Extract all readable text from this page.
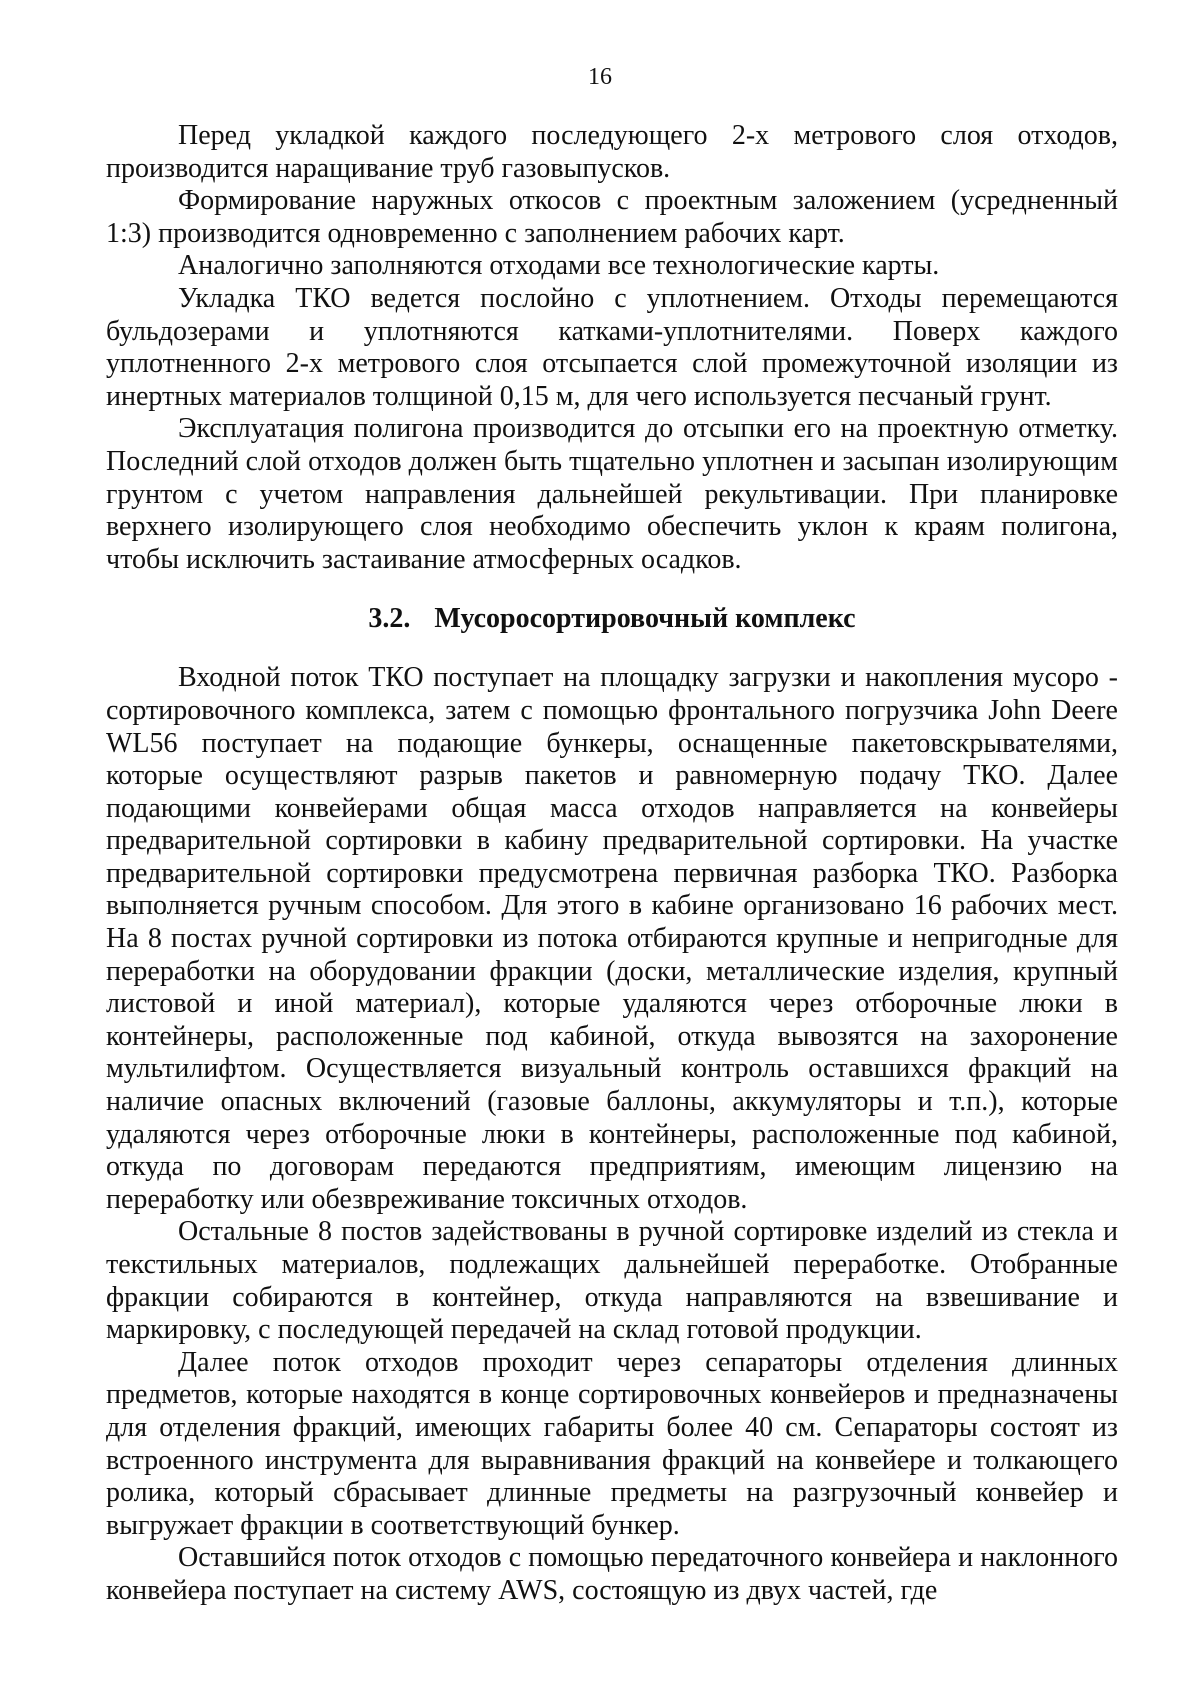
16

Перед укладкой каждого последующего 2-х метрового слоя отходов, производится наращивание труб газовыпусков.

Формирование наружных откосов с проектным заложением (усредненный 1:3) производится одновременно с заполнением рабочих карт.

Аналогично заполняются отходами все технологические карты.

Укладка ТКО ведется послойно с уплотнением. Отходы перемещаются бульдозерами и уплотняются катками-уплотнителями. Поверх каждого уплотненного 2-х метрового слоя отсыпается слой промежуточной изоляции из инертных материалов толщиной 0,15 м, для чего используется песчаный грунт.

Эксплуатация полигона производится до отсыпки его на проектную отметку. Последний слой отходов должен быть тщательно уплотнен и засыпан изолирующим грунтом с учетом направления дальнейшей рекультивации. При планировке верхнего изолирующего слоя необходимо обеспечить уклон к краям полигона, чтобы исключить застаивание атмосферных осадков.

3.2. Мусоросортировочный комплекс

Входной поток ТКО поступает на площадку загрузки и накопления мусоро - сортировочного комплекса, затем с помощью фронтального погрузчика John Deere WL56 поступает на подающие бункеры, оснащенные пакетовскрывателями, которые осуществляют разрыв пакетов и равномерную подачу ТКО. Далее подающими конвейерами общая масса отходов направляется на конвейеры предварительной сортировки в кабину предварительной сортировки. На участке предварительной сортировки предусмотрена первичная разборка ТКО. Разборка выполняется ручным способом. Для этого в кабине организовано 16 рабочих мест. На 8 постах ручной сортировки из потока отбираются крупные и непригодные для переработки на оборудовании фракции (доски, металлические изделия, крупный листовой и иной материал), которые удаляются через отборочные люки в контейнеры, расположенные под кабиной, откуда вывозятся на захоронение мультилифтом. Осуществляется визуальный контроль оставшихся фракций на наличие опасных включений (газовые баллоны, аккумуляторы и т.п.), которые удаляются через отборочные люки в контейнеры, расположенные под кабиной, откуда по договорам передаются предприятиям, имеющим лицензию на переработку или обезвреживание токсичных отходов.

Остальные 8 постов задействованы в ручной сортировке изделий из стекла и текстильных материалов, подлежащих дальнейшей переработке. Отобранные фракции собираются в контейнер, откуда направляются на взвешивание и маркировку, с последующей передачей на склад готовой продукции.

Далее поток отходов проходит через сепараторы отделения длинных предметов, которые находятся в конце сортировочных конвейеров и предназначены для отделения фракций, имеющих габариты более 40 см. Сепараторы состоят из встроенного инструмента для выравнивания фракций на конвейере и толкающего ролика, который сбрасывает длинные предметы на разгрузочный конвейер и выгружает фракции в соответствующий бункер.

Оставшийся поток отходов с помощью передаточного конвейера и наклонного конвейера поступает на систему AWS, состоящую из двух частей, где
